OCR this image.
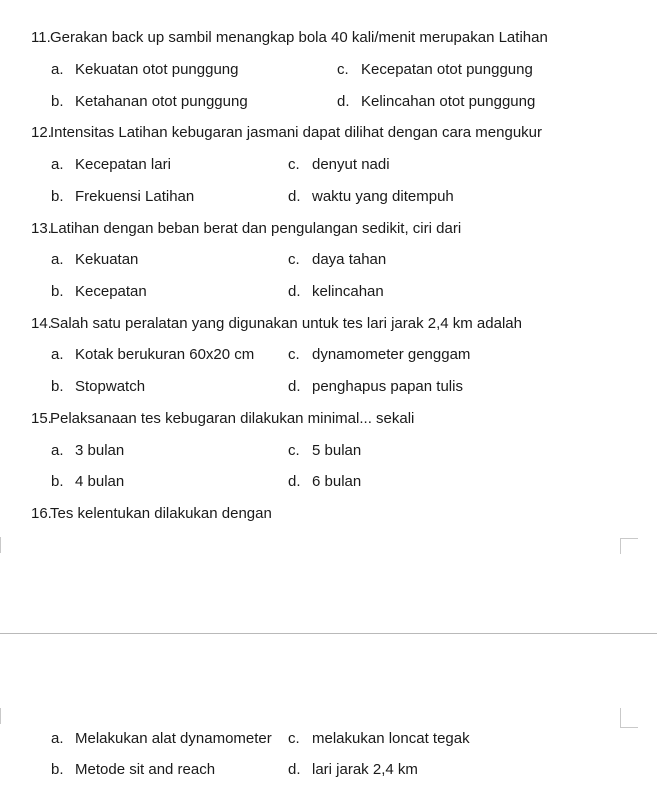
11.Gerakan back up sambil menangkap bola 40 kali/menit merupakan Latihan
a. Kekuatan otot punggung	c. Kecepatan otot punggung
b. Ketahanan otot punggung	d. Kelincahan otot punggung
12.Intensitas Latihan kebugaran jasmani dapat dilihat dengan cara mengukur
a. Kecepatan lari	c. denyut nadi
b. Frekuensi Latihan	d. waktu yang ditempuh
13.Latihan dengan beban berat dan pengulangan sedikit, ciri dari
a. Kekuatan	c. daya tahan
b. Kecepatan	d. kelincahan
14.Salah satu peralatan yang digunakan untuk tes lari jarak 2,4 km adalah
a. Kotak berukuran 60x20 cm c. dynamometer genggam
b. Stopwatch	d. penghapus papan tulis
15.Pelaksanaan tes kebugaran dilakukan minimal... sekali
a. 3 bulan	c. 5 bulan
b. 4 bulan	d. 6 bulan
16.Tes kelentukan dilakukan dengan
a. Melakukan alat dynamometer c. melakukan loncat tegak
b. Metode sit and reach	d. lari jarak 2,4 km
